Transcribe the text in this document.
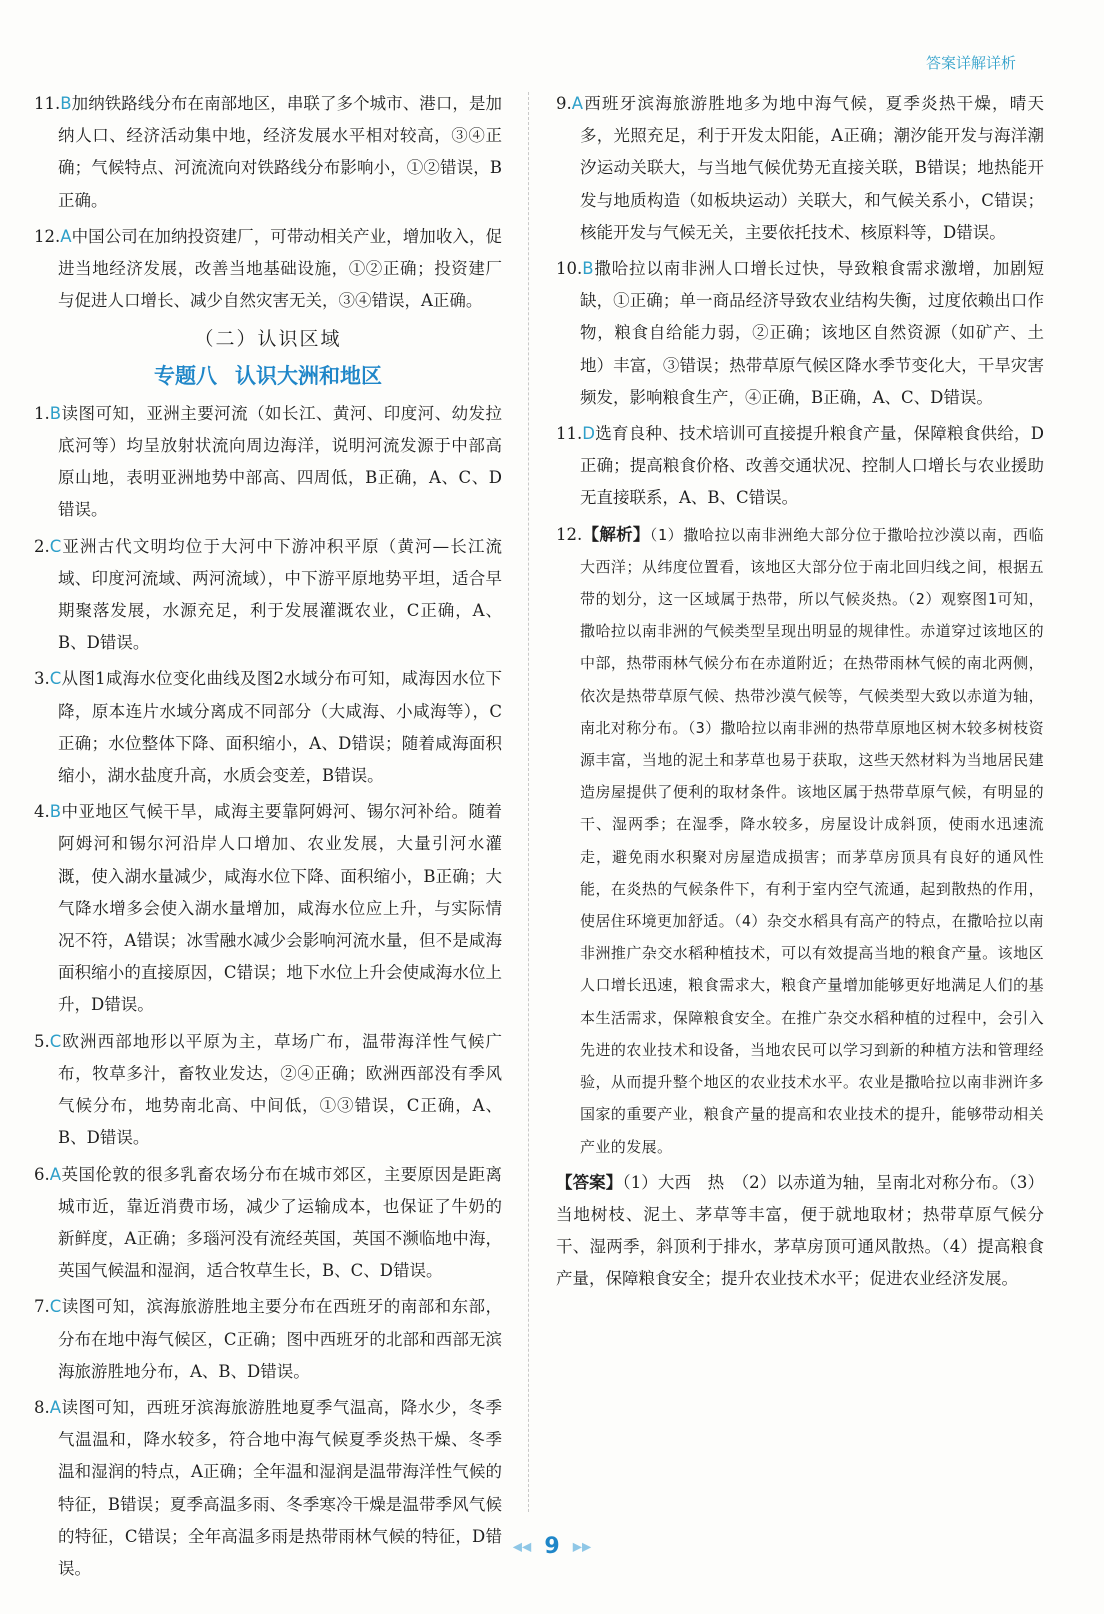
答案详解详析

11.B加纳铁路线分布在南部地区，串联了多个城市、港口，是加纳人口、经济活动集中地，经济发展水平相对较高，③④正确；气候特点、河流流向对铁路线分布影响小，①②错误，B正确。

12.A中国公司在加纳投资建厂，可带动相关产业，增加收入，促进当地经济发展，改善当地基础设施，①②正确；投资建厂与促进人口增长、减少自然灾害无关，③④错误，A正确。

（二）认识区域
专题八 认识大洲和地区

1.B读图可知，亚洲主要河流（如长江、黄河、印度河、幼发拉底河等）均呈放射状流向周边海洋，说明河流发源于中部高原山地，表明亚洲地势中部高、四周低，B正确，A、C、D错误。

2.C亚洲古代文明均位于大河中下游冲积平原（黄河—长江流域、印度河流域、两河流域），中下游平原地势平坦，适合早期聚落发展，水源充足，利于发展灌溉农业，C正确，A、B、D错误。

3.C从图1咸海水位变化曲线及图2水域分布可知，咸海因水位下降，原本连片水域分离成不同部分（大咸海、小咸海等），C正确；水位整体下降、面积缩小，A、D错误；随着咸海面积缩小，湖水盐度升高，水质会变差，B错误。

4.B中亚地区气候干旱，咸海主要靠阿姆河、锡尔河补给。随着阿姆河和锡尔河沿岸人口增加、农业发展，大量引河水灌溉，使入湖水量减少，咸海水位下降、面积缩小，B正确；大气降水增多会使入湖水量增加，咸海水位应上升，与实际情况不符，A错误；冰雪融水减少会影响河流水量，但不是咸海面积缩小的直接原因，C错误；地下水位上升会使咸海水位上升，D错误。

5.C欧洲西部地形以平原为主，草场广布，温带海洋性气候广布，牧草多汁，畜牧业发达，②④正确；欧洲西部没有季风气候分布，地势南北高、中间低，①③错误，C正确，A、B、D错误。

6.A英国伦敦的很多乳畜农场分布在城市郊区，主要原因是距离城市近，靠近消费市场，减少了运输成本，也保证了牛奶的新鲜度，A正确；多瑙河没有流经英国，英国不濒临地中海，英国气候温和湿润，适合牧草生长，B、C、D错误。

7.C读图可知，滨海旅游胜地主要分布在西班牙的南部和东部，分布在地中海气候区，C正确；图中西班牙的北部和西部无滨海旅游胜地分布，A、B、D错误。

8.A读图可知，西班牙滨海旅游胜地夏季气温高，降水少，冬季气温温和，降水较多，符合地中海气候夏季炎热干燥、冬季温和湿润的特点，A正确；全年温和湿润是温带海洋性气候的特征，B错误；夏季高温多雨、冬季寒冷干燥是温带季风气候的特征，C错误；全年高温多雨是热带雨林气候的特征，D错误。

9.A西班牙滨海旅游胜地多为地中海气候，夏季炎热干燥，晴天多，光照充足，利于开发太阳能，A正确；潮汐能开发与海洋潮汐运动关联大，与当地气候优势无直接关联，B错误；地热能开发与地质构造（如板块运动）关联大，和气候关系小，C错误；核能开发与气候无关，主要依托技术、核原料等，D错误。

10.B撒哈拉以南非洲人口增长过快，导致粮食需求激增，加剧短缺，①正确；单一商品经济导致农业结构失衡，过度依赖出口作物，粮食自给能力弱，②正确；该地区自然资源（如矿产、土地）丰富，③错误；热带草原气候区降水季节变化大，干旱灾害频发，影响粮食生产，④正确，B正确，A、C、D错误。

11.D选育良种、技术培训可直接提升粮食产量，保障粮食供给，D正确；提高粮食价格、改善交通状况、控制人口增长与农业援助无直接联系，A、B、C错误。

12.【解析】（1）撒哈拉以南非洲绝大部分位于撒哈拉沙漠以南，西临大西洋；从纬度位置看，该地区大部分位于南北回归线之间，根据五带的划分，这一区域属于热带，所以气候炎热。（2）观察图1可知，撒哈拉以南非洲的气候类型呈现出明显的规律性。赤道穿过该地区的中部，热带雨林气候分布在赤道附近；在热带雨林气候的南北两侧，依次是热带草原气候、热带沙漠气候等，气候类型大致以赤道为轴，南北对称分布。（3）撒哈拉以南非洲的热带草原地区树木较多树枝资源丰富，当地的泥土和茅草也易于获取，这些天然材料为当地居民建造房屋提供了便利的取材条件。该地区属于热带草原气候，有明显的干、湿两季；在湿季，降水较多，房屋设计成斜顶，使雨水迅速流走，避免雨水积聚对房屋造成损害；而茅草房顶具有良好的通风性能，在炎热的气候条件下，有利于室内空气流通，起到散热的作用，使居住环境更加舒适。（4）杂交水稻具有高产的特点，在撒哈拉以南非洲推广杂交水稻种植技术，可以有效提高当地的粮食产量。该地区人口增长迅速，粮食需求大，粮食产量增加能够更好地满足人们的基本生活需求，保障粮食安全。在推广杂交水稻种植的过程中，会引入先进的农业技术和设备，当地农民可以学习到新的种植方法和管理经验，从而提升整个地区的农业技术水平。农业是撒哈拉以南非洲许多国家的重要产业，粮食产量的提高和农业技术的提升，能够带动相关产业的发展。

【答案】（1）大西　热　（2）以赤道为轴，呈南北对称分布。（3）当地树枝、泥土、茅草等丰富，便于就地取材；热带草原气候分干、湿两季，斜顶利于排水，茅草房顶可通风散热。（4）提高粮食产量，保障粮食安全；提升农业技术水平；促进农业经济发展。

◀◀ 9 ▶▶
